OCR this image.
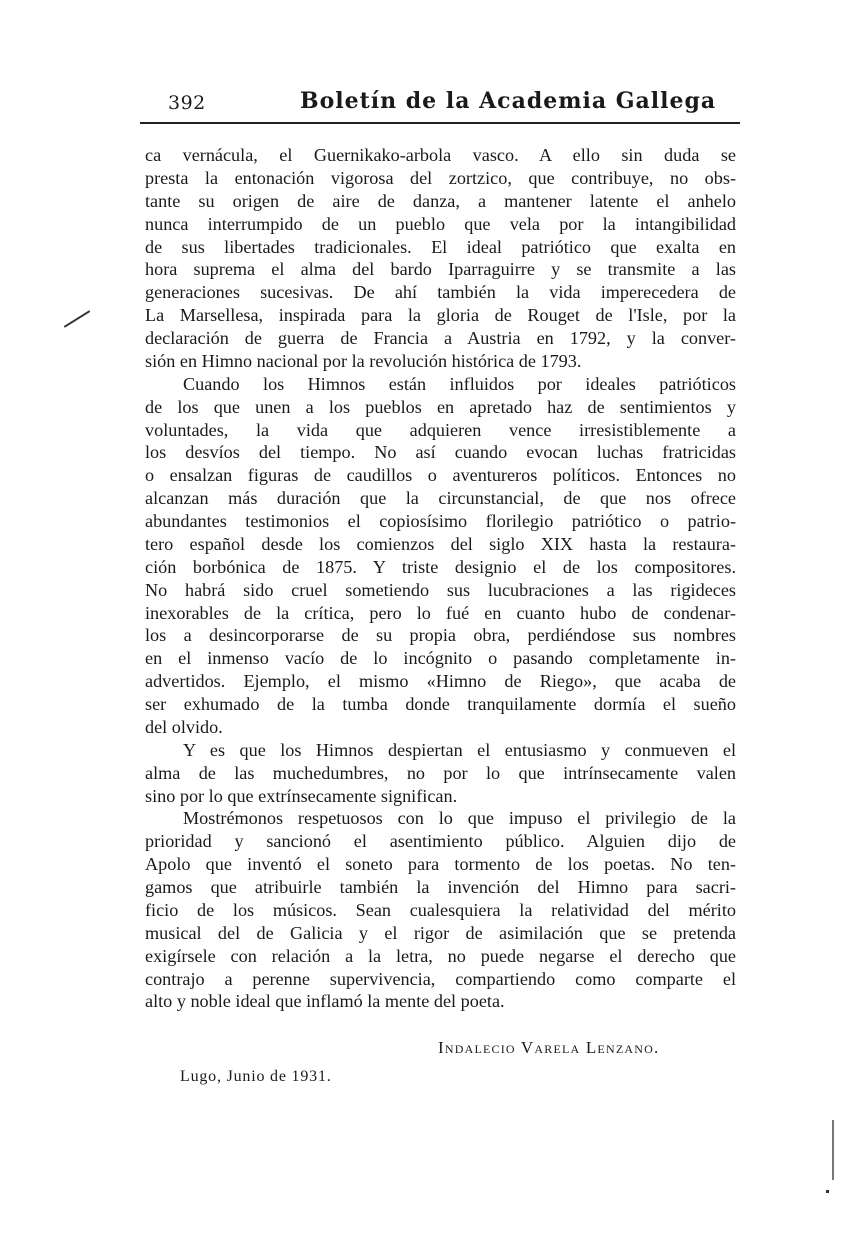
392	Boletín de la Academia Gallega
ca vernácula, el Guernikako-arbola vasco. A ello sin duda se
presta la entonación vigorosa del zortzico, que contribuye, no obs-
tante su origen de aire de danza, a mantener latente el anhelo
nunca interrumpido de un pueblo que vela por la intangibilidad
de sus libertades tradicionales. El ideal patriótico que exalta en
hora suprema el alma del bardo Iparraguirre y se transmite a las
generaciones sucesivas. De ahí también la vida imperecedera de
La Marsellesa, inspirada para la gloria de Rouget de l'Isle, por la
declaración de guerra de Francia a Austria en 1792, y la conver-
sión en Himno nacional por la revolución histórica de 1793.
Cuando los Himnos están influidos por ideales patrióticos
de los que unen a los pueblos en apretado haz de sentimientos y
voluntades, la vida que adquieren vence irresistiblemente a
los desvíos del tiempo. No así cuando evocan luchas fratricidas
o ensalzan figuras de caudillos o aventureros políticos. Entonces no
alcanzan más duración que la circunstancial, de que nos ofrece
abundantes testimonios el copiosísimo florilegio patriótico o patrio-
tero español desde los comienzos del siglo XIX hasta la restaura-
ción borbónica de 1875. Y triste designio el de los compositores.
No habrá sido cruel sometiendo sus lucubraciones a las rigideces
inexorables de la crítica, pero lo fué en cuanto hubo de condenar-
los a desincorporarse de su propia obra, perdiéndose sus nombres
en el inmenso vacío de lo incógnito o pasando completamente in-
advertidos. Ejemplo, el mismo «Himno de Riego», que acaba de
ser exhumado de la tumba donde tranquilamente dormía el sueño
del olvido.
Y es que los Himnos despiertan el entusiasmo y conmueven el
alma de las muchedumbres, no por lo que intrínsecamente valen
sino por lo que extrínsecamente significan.
Mostrémonos respetuosos con lo que impuso el privilegio de la
prioridad y sancionó el asentimiento público. Alguien dijo de
Apolo que inventó el soneto para tormento de los poetas. No ten-
gamos que atribuirle también la invención del Himno para sacri-
ficio de los músicos. Sean cualesquiera la relatividad del mérito
musical del de Galicia y el rigor de asimilación que se pretenda
exigírsele con relación a la letra, no puede negarse el derecho que
contrajo a perenne supervivencia, compartiendo como comparte el
alto y noble ideal que inflamó la mente del poeta.
Indalecio Varela Lenzano.
Lugo, Junio de 1931.
